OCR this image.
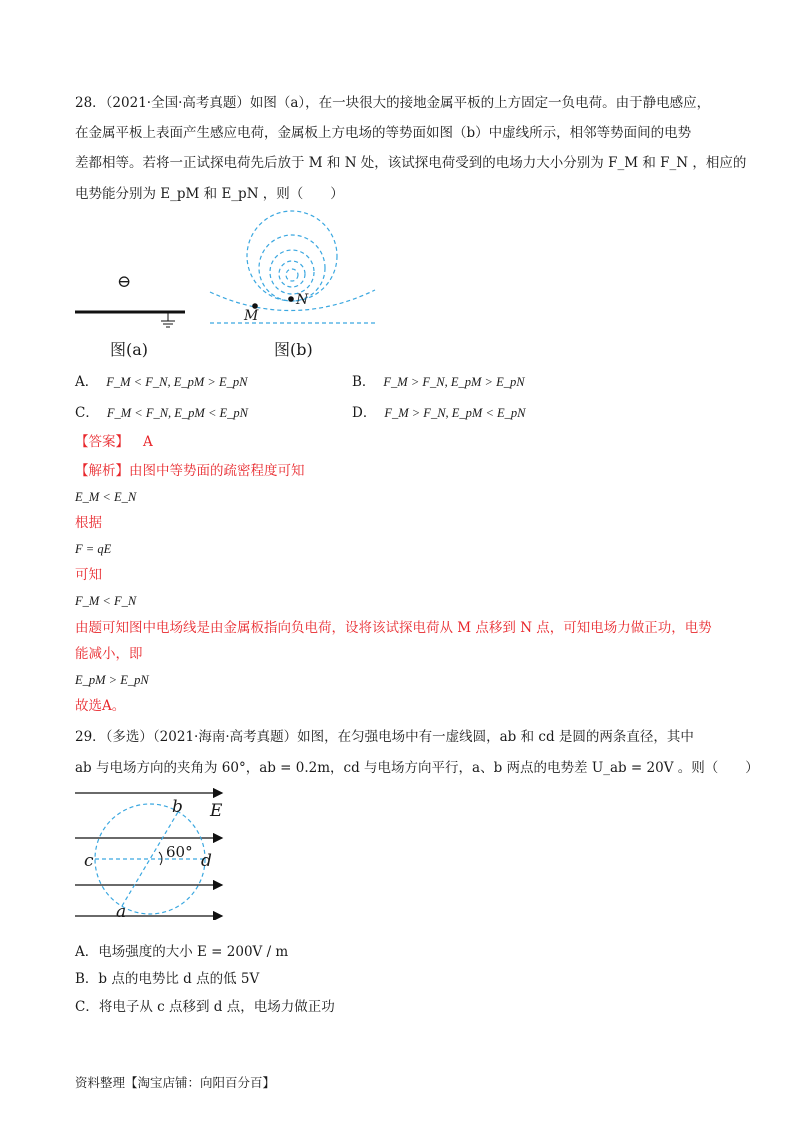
28．（2021·全国·高考真题）如图（a），在一块很大的接地金属平板的上方固定一负电荷。由于静电感应，
在金属平板上表面产生感应电荷，金属板上方电场的等势面如图（b）中虚线所示，相邻等势面间的电势
差都相等。若将一正试探电荷先后放于 M 和 N 处，该试探电荷受到的电场力大小分别为 F_M 和 F_N ，相应的
电势能分别为 E_pM 和 E_pN ，则（　　）
⊖
图(a)
N
M
图(b)
A． F_M < F_N, E_pM > E_pN	B． F_M > F_N, E_pM > E_pN
C． F_M < F_N, E_pM < E_pN	D． F_M > F_N, E_pM < E_pN
【答案】 A
【解析】由图中等势面的疏密程度可知
E_M < E_N
根据
F = qE
可知
F_M < F_N
由题可知图中电场线是由金属板指向负电荷，设将该试探电荷从 M 点移到 N 点，可知电场力做正功，电势
能减小，即
E_pM > E_pN
故选A。
29．（多选）（2021·海南·高考真题）如图，在匀强电场中有一虚线圆，ab 和 cd 是圆的两条直径，其中
ab 与电场方向的夹角为 60°，ab = 0.2m，cd 与电场方向平行，a、b 两点的电势差 U_ab = 20V 。则（　　）
b E
c	60° d
a
A．电场强度的大小 E = 200V / m
B．b 点的电势比 d 点的低 5V
C．将电子从 c 点移到 d 点，电场力做正功
资料整理【淘宝店铺：向阳百分百】
